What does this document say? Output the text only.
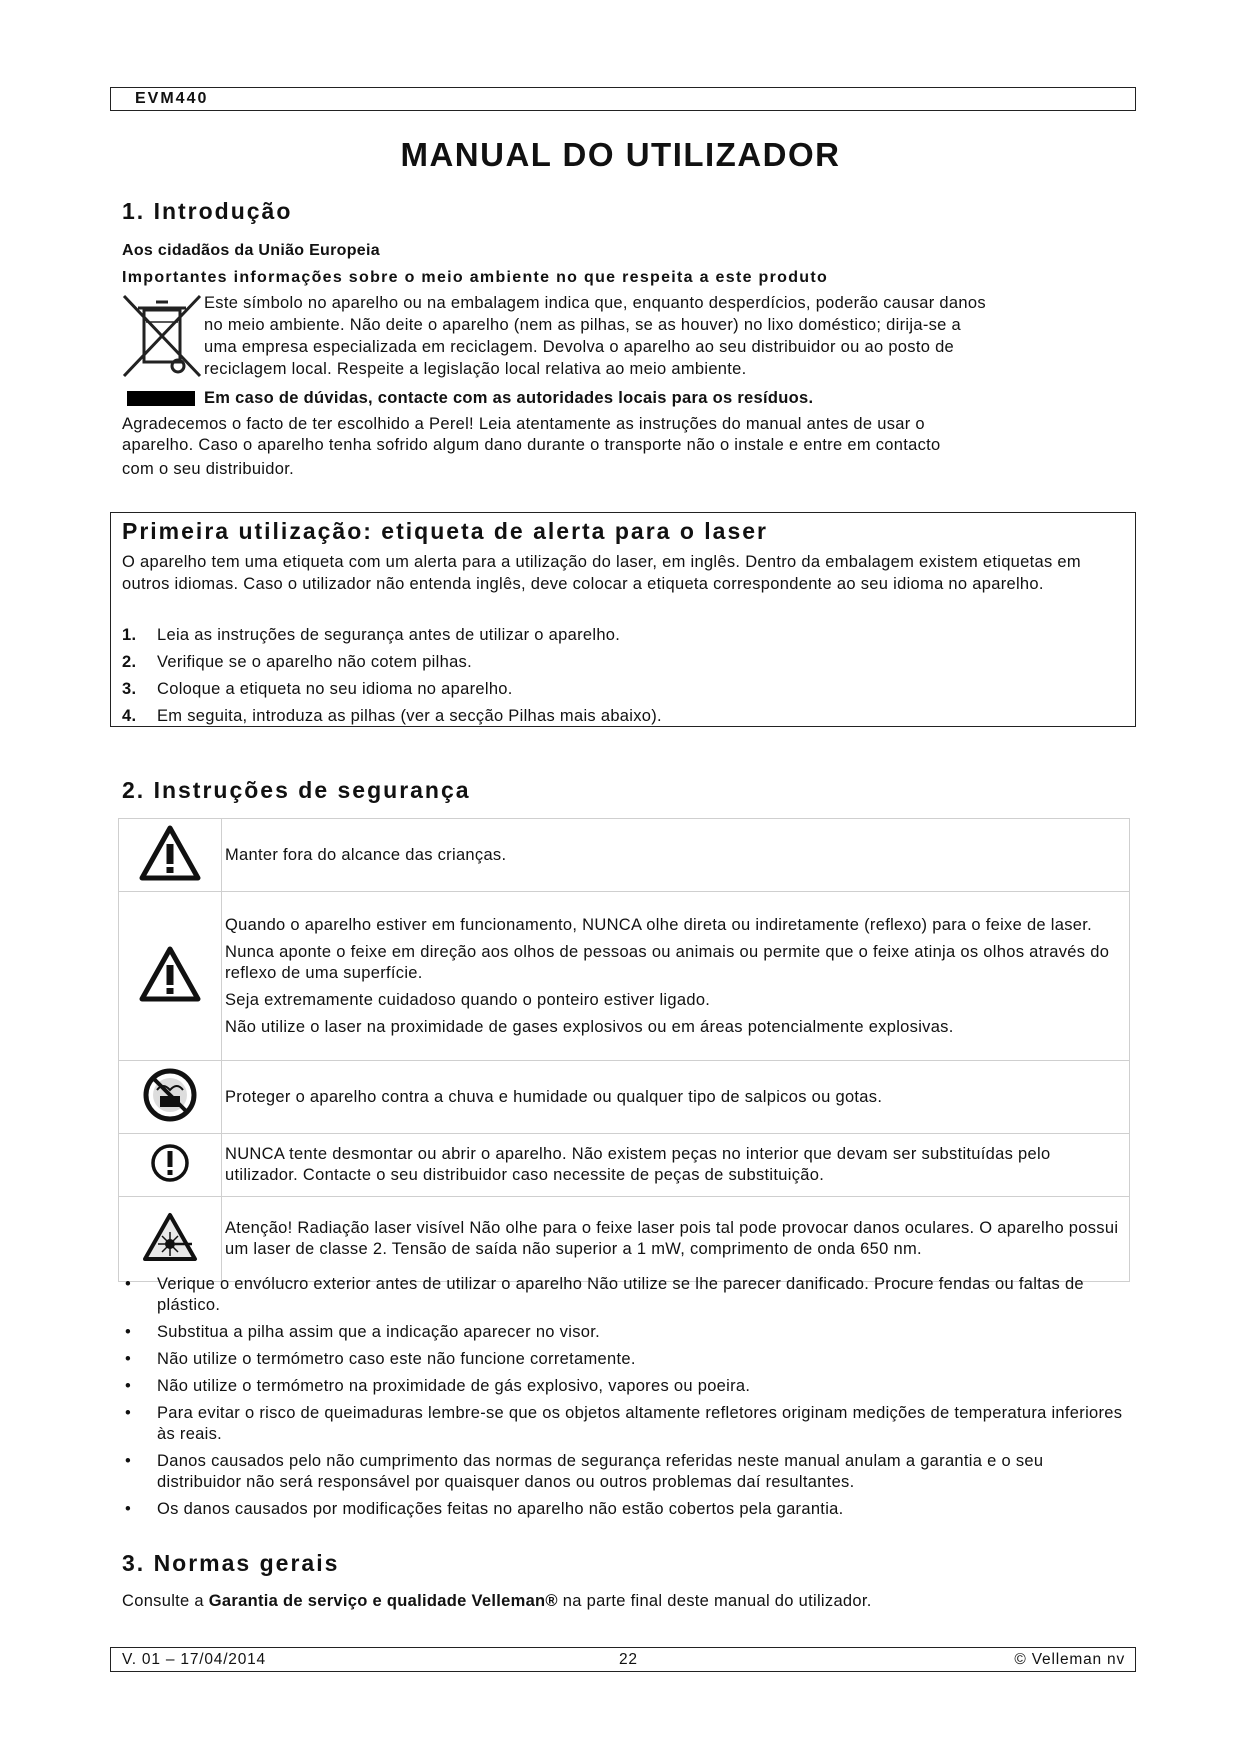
EVM440
MANUAL DO UTILIZADOR
1. Introdução
Aos cidadãos da União Europeia
Importantes informações sobre o meio ambiente no que respeita a este produto
Este símbolo no aparelho ou na embalagem indica que, enquanto desperdícios, poderão causar danos
no meio ambiente. Não deite o aparelho (nem as pilhas, se as houver) no lixo doméstico; dirija-se a
uma empresa especializada em reciclagem. Devolva o aparelho ao seu distribuidor ou ao posto de
reciclagem local. Respeite a legislação local relativa ao meio ambiente.
Em caso de dúvidas, contacte com as autoridades locais para os resíduos.
Agradecemos o facto de ter escolhido a Perel! Leia atentamente as instruções do manual antes de usar o
aparelho. Caso o aparelho tenha sofrido algum dano durante o transporte não o instale e entre em contacto
com o seu distribuidor.
Primeira utilização: etiqueta de alerta para o laser
O aparelho tem uma etiqueta com um alerta para a utilização do laser, em inglês. Dentro da embalagem existem etiquetas em outros idiomas. Caso o utilizador não entenda inglês, deve colocar a etiqueta correspondente ao seu idioma no aparelho.
1. Leia as instruções de segurança antes de utilizar o aparelho.
2. Verifique se o aparelho não cotem pilhas.
3. Coloque a etiqueta no seu idioma no aparelho.
4. Em seguita, introduza as pilhas (ver a secção Pilhas mais abaixo).
2. Instruções de segurança

Manter fora do alcance das crianças.

Quando o aparelho estiver em funcionamento, NUNCA olhe direta ou indiretamente (reflexo) para o feixe de laser.

Nunca aponte o feixe em direção aos olhos de pessoas ou animais ou permite que o feixe atinja os olhos através do reflexo de uma superfície.

Seja extremamente cuidadoso quando o ponteiro estiver ligado.

Não utilize o laser na proximidade de gases explosivos ou em áreas potencialmente explosivas.

Proteger o aparelho contra a chuva e humidade ou qualquer tipo de salpicos ou gotas.

NUNCA tente desmontar ou abrir o aparelho. Não existem peças no interior que devam ser substituídas pelo utilizador. Contacte o seu distribuidor caso necessite de peças de substituição.

Atenção! Radiação laser visível Não olhe para o feixe laser pois tal pode provocar danos oculares. O aparelho possui um laser de classe 2. Tensão de saída não superior a 1 mW, comprimento de onda 650 nm.

• Verique o envólucro exterior antes de utilizar o aparelho Não utilize se lhe parecer danificado. Procure fendas ou faltas de plástico.
• Substitua a pilha assim que a indicação aparecer no visor.
• Não utilize o termómetro caso este não funcione corretamente.
• Não utilize o termómetro na proximidade de gás explosivo, vapores ou poeira.
• Para evitar o risco de queimaduras lembre-se que os objetos altamente refletores originam medições de temperatura inferiores às reais.
• Danos causados pelo não cumprimento das normas de segurança referidas neste manual anulam a garantia e o seu distribuidor não será responsável por quaisquer danos ou outros problemas daí resultantes.
• Os danos causados por modificações feitas no aparelho não estão cobertos pela garantia.
3. Normas gerais
Consulte a Garantia de serviço e qualidade Velleman® na parte final deste manual do utilizador.
V. 01 – 17/04/2014	22	© Velleman nv
